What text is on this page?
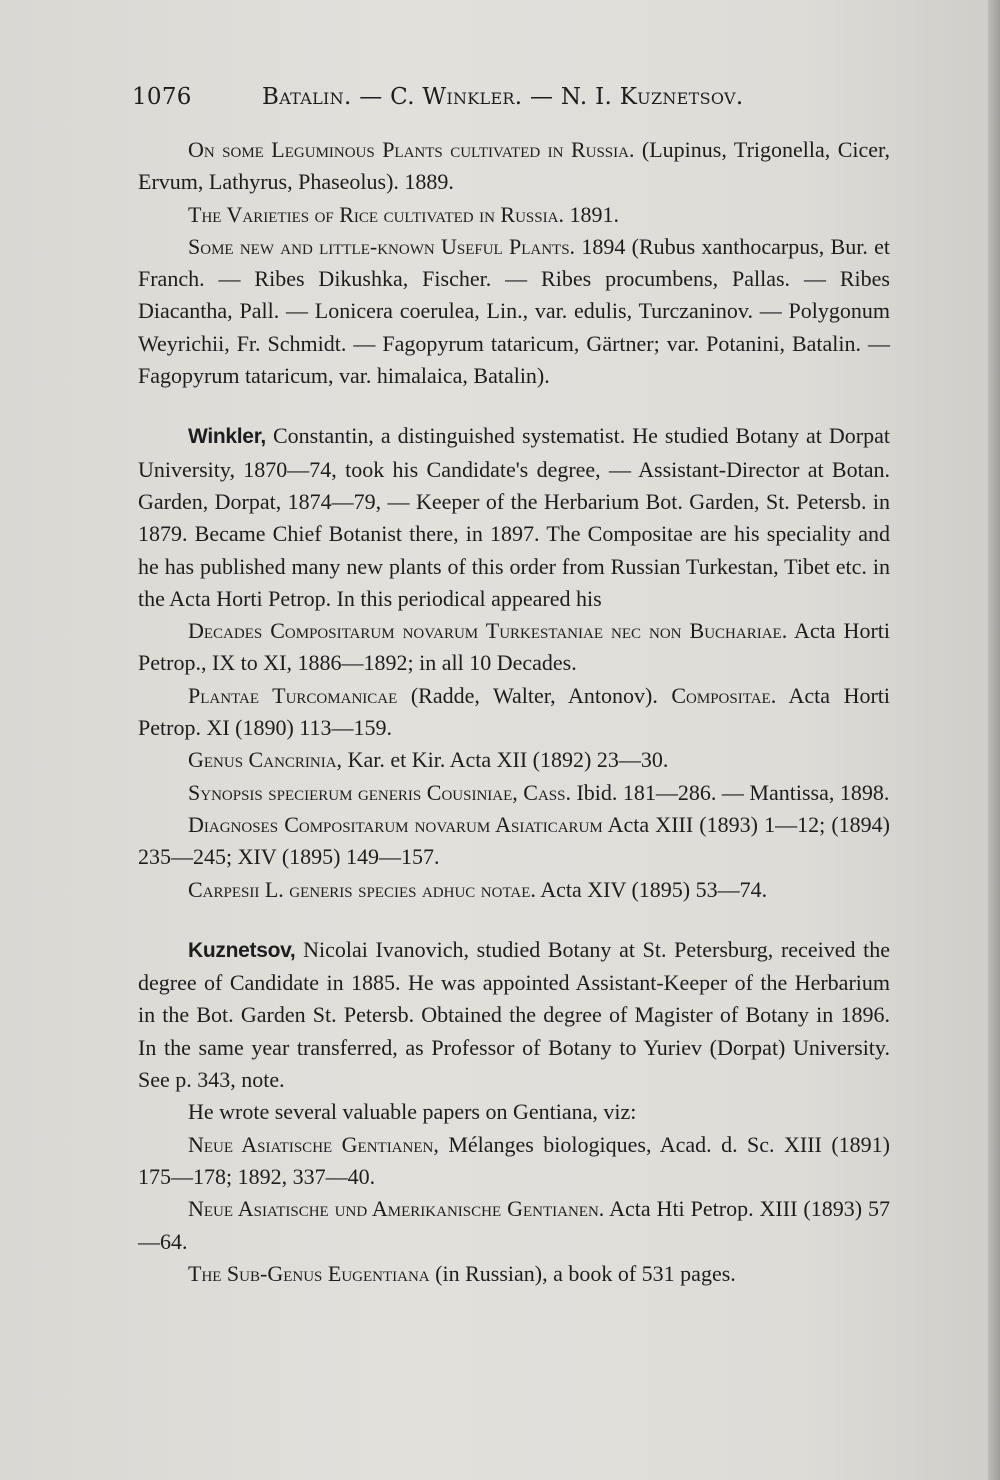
1076	Batalin. — C. Winkler. — N. I. Kuznetsov.

On some Leguminous Plants cultivated in Russia. (Lupinus, Trigonella, Cicer, Ervum, Lathyrus, Phaseolus). 1889.

The Varieties of Rice cultivated in Russia. 1891.

Some new and little-known Useful Plants. 1894 (Rubus xanthocarpus, Bur. et Franch. — Ribes Dikushka, Fischer. — Ribes procumbens, Pallas. — Ribes Diacantha, Pall. — Lonicera coerulea, Lin., var. edulis, Turczaninov. — Polygonum Weyrichii, Fr. Schmidt. — Fagopyrum tataricum, Gärtner; var. Potanini, Batalin. — Fagopyrum tataricum, var. himalaica, Batalin).

Winkler, Constantin, a distinguished systematist. He studied Botany at Dorpat University, 1870—74, took his Candidate's degree, — Assistant-Director at Botan. Garden, Dorpat, 1874—79, — Keeper of the Herbarium Bot. Garden, St. Petersb. in 1879. Became Chief Botanist there, in 1897. The Compositae are his speciality and he has published many new plants of this order from Russian Turkestan, Tibet etc. in the Acta Horti Petrop. In this periodical appeared his

Decades Compositarum novarum Turkestaniae nec non Buchariae. Acta Horti Petrop., IX to XI, 1886—1892; in all 10 Decades.

Plantae Turcomanicae (Radde, Walter, Antonov). Compositae. Acta Horti Petrop. XI (1890) 113—159.

Genus Cancrinia, Kar. et Kir. Acta XII (1892) 23—30.

Synopsis specierum generis Cousiniae, Cass. Ibid. 181—286. — Mantissa, 1898.

Diagnoses Compositarum novarum Asiaticarum Acta XIII (1893) 1—12; (1894) 235—245; XIV (1895) 149—157.

Carpesii L. generis species adhuc notae. Acta XIV (1895) 53—74.

Kuznetsov, Nicolai Ivanovich, studied Botany at St. Petersburg, received the degree of Candidate in 1885. He was appointed Assistant-Keeper of the Herbarium in the Bot. Garden St. Petersb. Obtained the degree of Magister of Botany in 1896. In the same year transferred, as Professor of Botany to Yuriev (Dorpat) University. See p. 343, note.

He wrote several valuable papers on Gentiana, viz:

Neue Asiatische Gentianen, Mélanges biologiques, Acad. d. Sc. XIII (1891) 175—178; 1892, 337—40.

Neue Asiatische und Amerikanische Gentianen. Acta Hti Petrop. XIII (1893) 57—64.

The Sub-Genus Eugentiana (in Russian), a book of 531 pages.
